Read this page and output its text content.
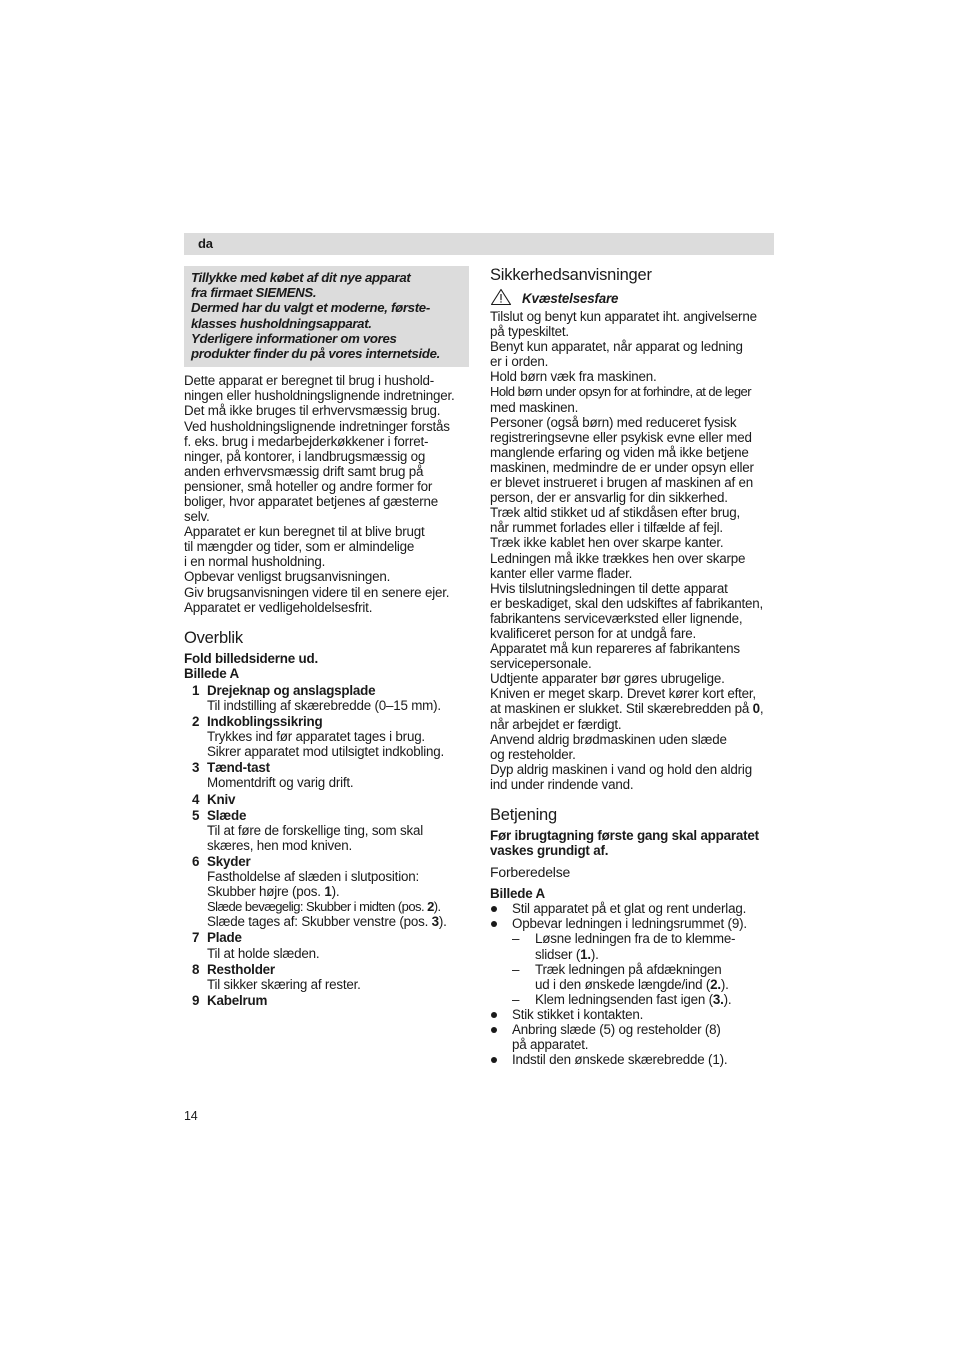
da
Tillykke med købet af dit nye apparat
fra firmaet SIEMENS.
Dermed har du valgt et moderne, første-
klasses husholdningsapparat.
Yderligere informationer om vores
produkter finder du på vores internetside.
Dette apparat er beregnet til brug i hushold-
ningen eller husholdningslignende indretninger.
Det må ikke bruges til erhvervsmæssig brug.
Ved husholdningslignende indretninger forstås
f. eks. brug i medarbejderkøkkener i forret-
ninger, på kontorer, i landbrugsmæssig og
anden erhvervsmæssig drift samt brug på
pensioner, små hoteller og andre former for
boliger, hvor apparatet betjenes af gæsterne
selv.
Apparatet er kun beregnet til at blive brugt
til mængder og tider, som er almindelige
i en normal husholdning.
Opbevar venligst brugsanvisningen.
Giv brugsanvisningen videre til en senere ejer.
Apparatet er vedligeholdelsesfrit.
Overblik
Fold billedsiderne ud.
Billede A
1 Drejeknap og anslagsplade
Til indstilling af skærebredde (0–15 mm).
2 Indkoblingssikring
Trykkes ind før apparatet tages i brug.
Sikrer apparatet mod utilsigtet indkobling.
3 Tænd-tast
Momentdrift og varig drift.
4 Kniv
5 Slæde
Til at føre de forskellige ting, som skal
skæres, hen mod kniven.
6 Skyder
Fastholdelse af slæden i slutposition:
Skubber højre (pos. 1).
Slæde bevægelig: Skubber i midten (pos. 2).
Slæde tages af: Skubber venstre (pos. 3).
7 Plade
Til at holde slæden.
8 Restholder
Til sikker skæring af rester.
9 Kabelrum
Sikkerhedsanvisninger
Kvæstelsesfare
Tilslut og benyt kun apparatet iht. angivelserne
på typeskiltet.
Benyt kun apparatet, når apparat og ledning
er i orden.
Hold børn væk fra maskinen.
Hold børn under opsyn for at forhindre, at de leger
med maskinen.
Personer (også børn) med reduceret fysisk
registreringsevne eller psykisk evne eller med
manglende erfaring og viden må ikke betjene
maskinen, medmindre de er under opsyn eller
er blevet instrueret i brugen af maskinen af en
person, der er ansvarlig for din sikkerhed.
Træk altid stikket ud af stikdåsen efter brug,
når rummet forlades eller i tilfælde af fejl.
Træk ikke kablet hen over skarpe kanter.
Ledningen må ikke trækkes hen over skarpe
kanter eller varme flader.
Hvis tilslutningsledningen til dette apparat
er beskadiget, skal den udskiftes af fabrikanten,
fabrikantens serviceværksted eller lignende,
kvalificeret person for at undgå fare.
Apparatet må kun repareres af fabrikantens
servicepersonale.
Udtjente apparater bør gøres ubrugelige.
Kniven er meget skarp. Drevet kører kort efter,
at maskinen er slukket. Stil skærebredden på 0,
når arbejdet er færdigt.
Anvend aldrig brødmaskinen uden slæde
og resteholder.
Dyp aldrig maskinen i vand og hold den aldrig
ind under rindende vand.
Betjening
Før ibrugtagning første gang skal apparatet
vaskes grundigt af.
Forberedelse
Billede A
Stil apparatet på et glat og rent underlag.
Opbevar ledningen i ledningsrummet (9).
– Løsne ledningen fra de to klemme-
slidser (1.).
– Træk ledningen på afdækningen
ud i den ønskede længde/ind (2.).
– Klem ledningsenden fast igen (3.).
Stik stikket i kontakten.
Anbring slæde (5) og resteholder (8)
på apparatet.
Indstil den ønskede skærebredde (1).
14
